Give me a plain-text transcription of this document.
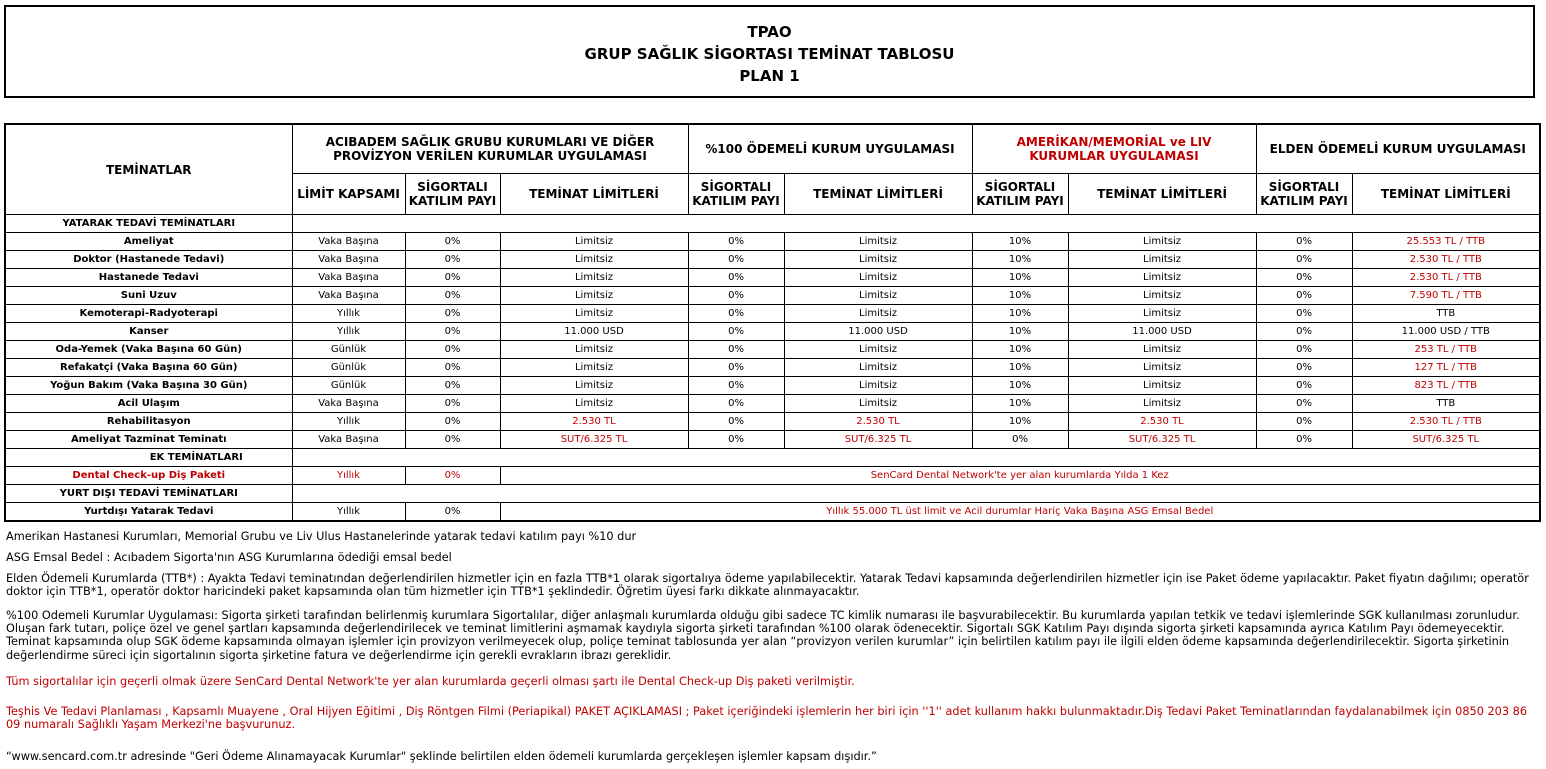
TPAO
GRUP SAĞLIK SİGORTASI TEMİNAT TABLOSU
PLAN 1
TEMİNATLAR	ACIBADEM SAĞLIK GRUBU KURUMLARI VE DİĞER PROVİZYON VERİLEN KURUMLAR UYGULAMASI			%100 ÖDEMELİ KURUM UYGULAMASI		AMERİKAN/MEMORİAL ve LIV KURUMLAR UYGULAMASI		ELDEN ÖDEMELİ KURUM UYGULAMASI	
	LİMİT KAPSAMI	SİGORTALI KATILIM PAYI	TEMİNAT LİMİTLERİ	SİGORTALI KATILIM PAYI	TEMİNAT LİMİTLERİ	SİGORTALI KATILIM PAYI	TEMİNAT LİMİTLERİ	SİGORTALI KATILIM PAYI	TEMİNAT LİMİTLERİ
YATARAK TEDAVİ TEMİNATLARI									
Ameliyat	Vaka Başına	0%	Limitsiz	0%	Limitsiz	10%	Limitsiz	0%	25.553 TL / TTB
Doktor (Hastanede Tedavi)	Vaka Başına	0%	Limitsiz	0%	Limitsiz	10%	Limitsiz	0%	2.530 TL / TTB
Hastanede Tedavi	Vaka Başına	0%	Limitsiz	0%	Limitsiz	10%	Limitsiz	0%	2.530 TL / TTB
Suni Uzuv	Vaka Başına	0%	Limitsiz	0%	Limitsiz	10%	Limitsiz	0%	7.590 TL / TTB
Kemoterapi-Radyoterapi	Yıllık	0%	Limitsiz	0%	Limitsiz	10%	Limitsiz	0%	TTB
Kanser	Yıllık	0%	11.000 USD	0%	11.000 USD	10%	11.000 USD	0%	11.000 USD / TTB
Oda-Yemek (Vaka Başına 60 Gün)	Günlük	0%	Limitsiz	0%	Limitsiz	10%	Limitsiz	0%	253 TL / TTB
Refakatçi (Vaka Başına 60 Gün)	Günlük	0%	Limitsiz	0%	Limitsiz	10%	Limitsiz	0%	127 TL / TTB
Yoğun Bakım (Vaka Başına 30 Gün)	Günlük	0%	Limitsiz	0%	Limitsiz	10%	Limitsiz	0%	823 TL / TTB
Acil Ulaşım	Vaka Başına	0%	Limitsiz	0%	Limitsiz	10%	Limitsiz	0%	TTB
Rehabilitasyon	Yıllık	0%	2.530 TL	0%	2.530 TL	10%	2.530 TL	0%	2.530 TL / TTB
Ameliyat Tazminat Teminatı	Vaka Başına	0%	SUT/6.325 TL	0%	SUT/6.325 TL	0%	SUT/6.325 TL	0%	SUT/6.325 TL
EK TEMİNATLARI									
Dental Check-up Diş Paketi	Yıllık	0%	SenCard Dental Network'te yer alan kurumlarda Yılda 1 Kez						
YURT DIŞI TEDAVİ TEMİNATLARI									
Yurtdışı Yatarak Tedavi	Yıllık	0%	Yıllık 55.000 TL üst limit ve Acil durumlar Hariç Vaka Başına ASG Emsal Bedel						

Amerikan Hastanesi Kurumları, Memorial Grubu ve Liv Ulus Hastanelerinde yatarak tedavi katılım payı %10 dur

ASG Emsal Bedel : Acıbadem Sigorta'nın ASG Kurumlarına ödediği emsal bedel

Elden Ödemeli Kurumlarda (TTB*) : Ayakta Tedavi teminatından değerlendirilen hizmetler için en fazla TTB*1 olarak sigortalıya ödeme yapılabilecektir. Yatarak Tedavi kapsamında değerlendirilen hizmetler için ise Paket ödeme yapılacaktır. Paket fiyatın dağılımı; operatör doktor için TTB*1, operatör doktor haricindeki paket kapsamında olan tüm hizmetler için TTB*1 şeklindedir. Öğretim üyesi farkı dikkate alınmayacaktır.

%100 Odemeli Kurumlar Uygulaması: Sigorta şirketi tarafından belirlenmiş kurumlara Sigortalılar, diğer anlaşmalı kurumlarda olduğu gibi sadece TC kimlik numarası ile başvurabilecektir. Bu kurumlarda yapılan tetkik ve tedavi işlemlerinde SGK kullanılması zorunludur. Oluşan fark tutarı, poliçe özel ve genel şartları kapsamında değerlendirilecek ve teminat limitlerini aşmamak kaydıyla sigorta şirketi tarafından %100 olarak ödenecektir. Sigortalı SGK Katılım Payı dışında sigorta şirketi kapsamında ayrıca Katılım Payı ödemeyecektir. Teminat kapsamında olup SGK ödeme kapsamında olmayan işlemler için provizyon verilmeyecek olup, poliçe teminat tablosunda yer alan “provizyon verilen kurumlar” için belirtilen katılım payı ile ilgili elden ödeme kapsamında değerlendirilecektir. Sigorta şirketinin değerlendirme süreci için sigortalının sigorta şirketine fatura ve değerlendirme için gerekli evrakların ibrazı gereklidir.

Tüm sigortalılar için geçerli olmak üzere SenCard Dental Network'te yer alan kurumlarda geçerli olması şartı ile Dental Check-up Diş paketi verilmiştir.

Teşhis Ve Tedavi Planlaması , Kapsamlı Muayene , Oral Hijyen Eğitimi , Diş Röntgen Filmi (Periapikal) PAKET AÇIKLAMASI ; Paket içeriğindeki işlemlerin her biri için ''1'' adet kullanım hakkı bulunmaktadır.Diş Tedavi Paket Teminatlarından faydalanabilmek için 0850 203 86 09 numaralı Sağlıklı Yaşam Merkezi'ne başvurunuz.

“www.sencard.com.tr adresinde "Geri Ödeme Alınamayacak Kurumlar" şeklinde belirtilen elden ödemeli kurumlarda gerçekleşen işlemler kapsam dışıdır.”
